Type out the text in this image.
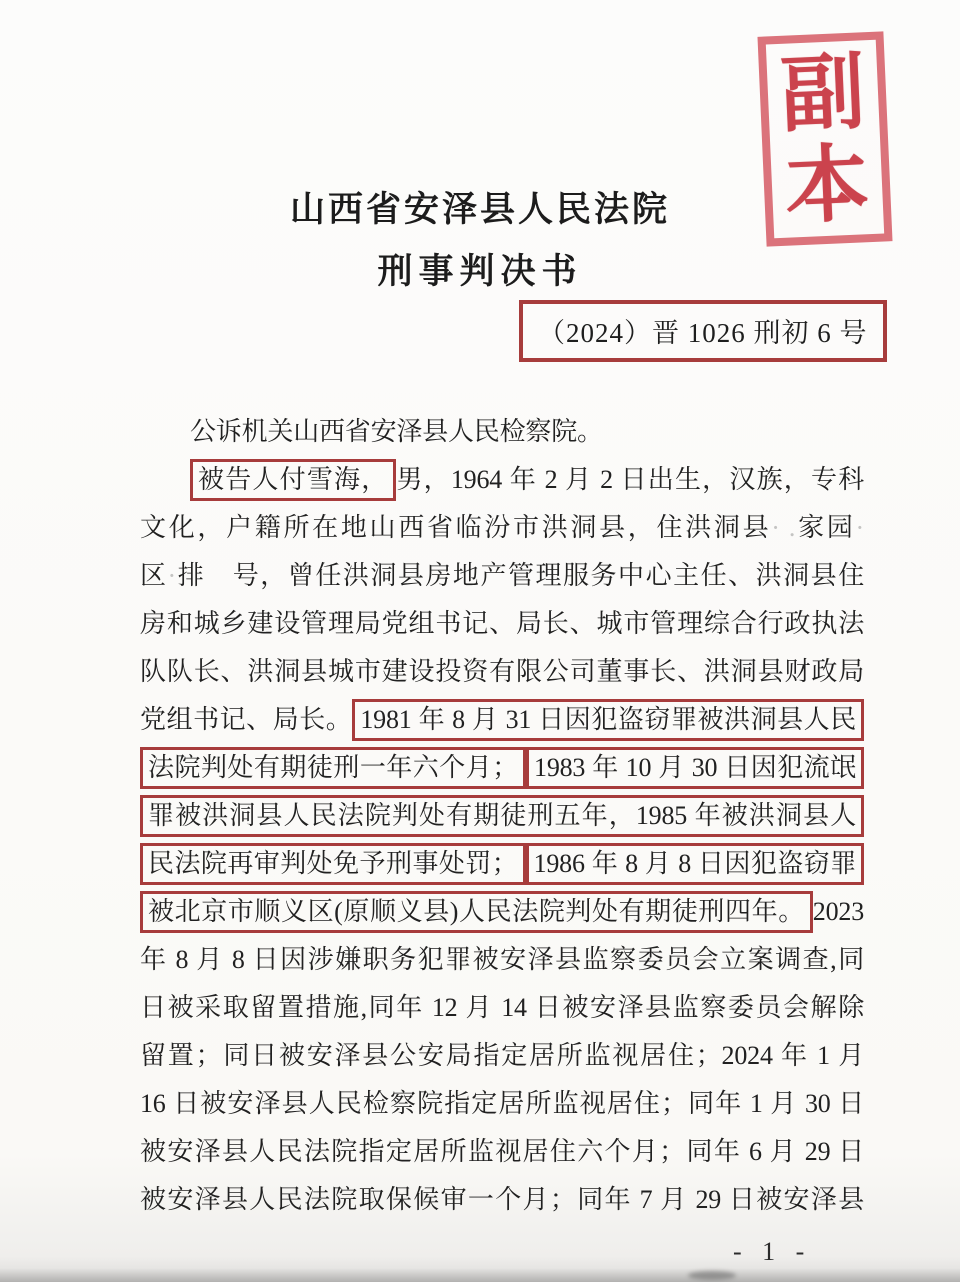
副
本
山西省安泽县人民法院
刑事判决书
（2024）晋 1026 刑初 6 号
公诉机关山西省安泽县人民检察院。
被告人付雪海， 男，1964 年 2 月 2 日出生，汉族，专科
文化，户籍所在地山西省临汾市洪洞县，住洪洞县· .家园·
区·排　 号，曾任洪洞县房地产管理服务中心主任、洪洞县住
房和城乡建设管理局党组书记、局长、城市管理综合行政执法
队队长、洪洞县城市建设投资有限公司董事长、洪洞县财政局
党组书记、局长。 1981 年 8 月 31 日因犯盗窃罪被洪洞县人民
法院判处有期徒刑一年六个月； 1983 年 10 月 30 日因犯流氓
罪被洪洞县人民法院判处有期徒刑五年，1985 年被洪洞县人
民法院再审判处免予刑事处罚； 1986 年 8 月 8 日因犯盗窃罪
被北京市顺义区(原顺义县)人民法院判处有期徒刑四年。 2023
年 8 月 8 日因涉嫌职务犯罪被安泽县监察委员会立案调查,同
日被采取留置措施,同年 12 月 14 日被安泽县监察委员会解除
留置；同日被安泽县公安局指定居所监视居住；2024 年 1 月
16 日被安泽县人民检察院指定居所监视居住；同年 1 月 30 日
被安泽县人民法院指定居所监视居住六个月；同年 6 月 29 日
被安泽县人民法院取保候审一个月；同年 7 月 29 日被安泽县
- 1 -
